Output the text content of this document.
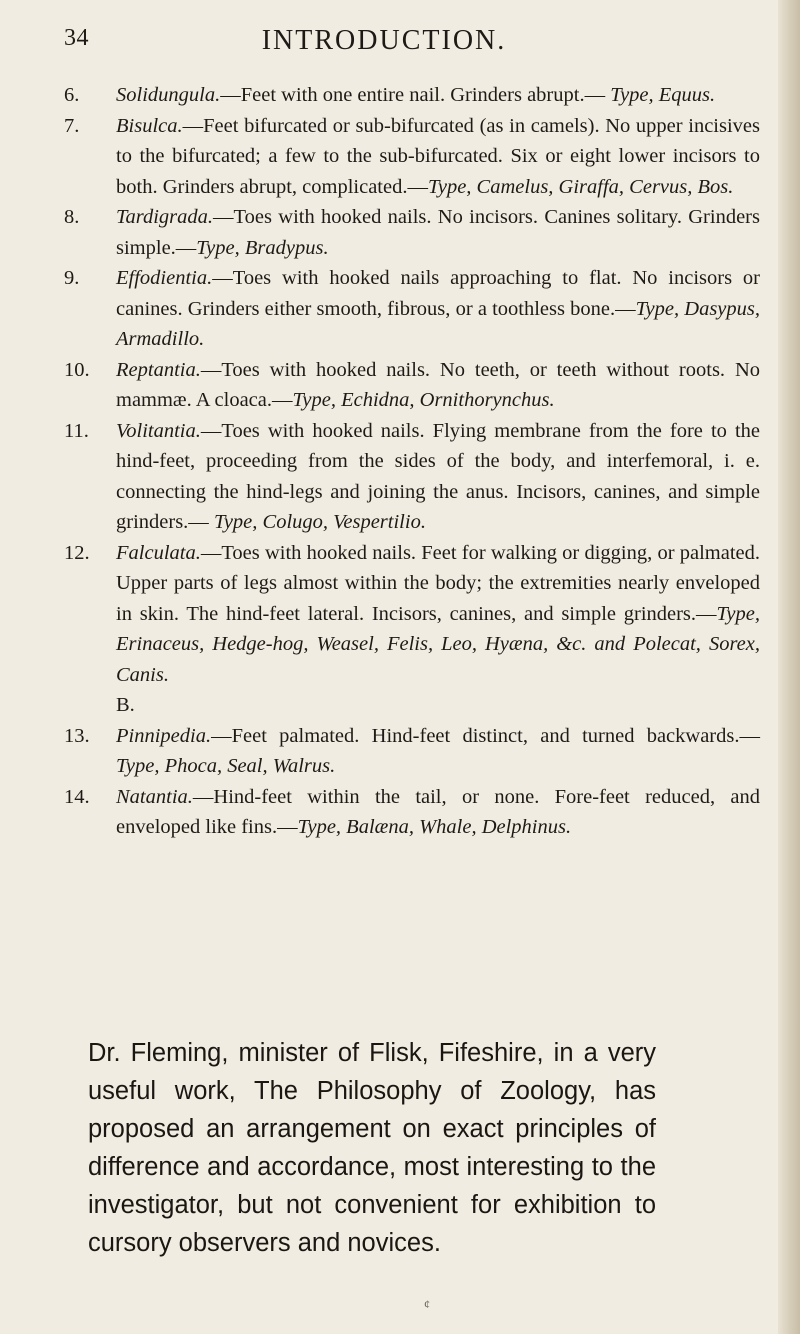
34	INTRODUCTION.
6. Solidungula.—Feet with one entire nail. Grinders abrupt.— Type, Equus.
7. Bisulca.—Feet bifurcated or sub-bifurcated (as in camels). No upper incisives to the bifurcated; a few to the sub-bifurcated. Six or eight lower incisors to both. Grinders abrupt, complicated.—Type, Camelus, Giraffa, Cervus, Bos.
8. Tardigrada.—Toes with hooked nails. No incisors. Canines solitary. Grinders simple.—Type, Bradypus.
9. Effodientia.—Toes with hooked nails approaching to flat. No incisors or canines. Grinders either smooth, fibrous, or a toothless bone.—Type, Dasypus, Armadillo.
10. Reptantia.—Toes with hooked nails. No teeth, or teeth without roots. No mammæ. A cloaca.—Type, Echidna, Ornithorynchus.
11. Volitantia.—Toes with hooked nails. Flying membrane from the fore to the hind-feet, proceeding from the sides of the body, and interfemoral, i. e. connecting the hind-legs and joining the anus. Incisors, canines, and simple grinders.— Type, Colugo, Vespertilio.
12. Falculata.—Toes with hooked nails. Feet for walking or digging, or palmated. Upper parts of legs almost within the body; the extremities nearly enveloped in skin. The hind-feet lateral. Incisors, canines, and simple grinders.—Type, Erinaceus, Hedge-hog, Weasel, Felis, Leo, Hyæna, &c. and Polecat, Sorex, Canis.
B.
13. Pinnipedia.—Feet palmated. Hind-feet distinct, and turned backwards.—Type, Phoca, Seal, Walrus.
14. Natantia.—Hind-feet within the tail, or none. Fore-feet reduced, and enveloped like fins.—Type, Balæna, Whale, Delphinus.

Dr. Fleming, minister of Flisk, Fifeshire, in a very useful work, The Philosophy of Zoology, has proposed an arrangement on exact principles of difference and accordance, most interesting to the investigator, but not convenient for exhibition to cursory observers and novices.

¢
